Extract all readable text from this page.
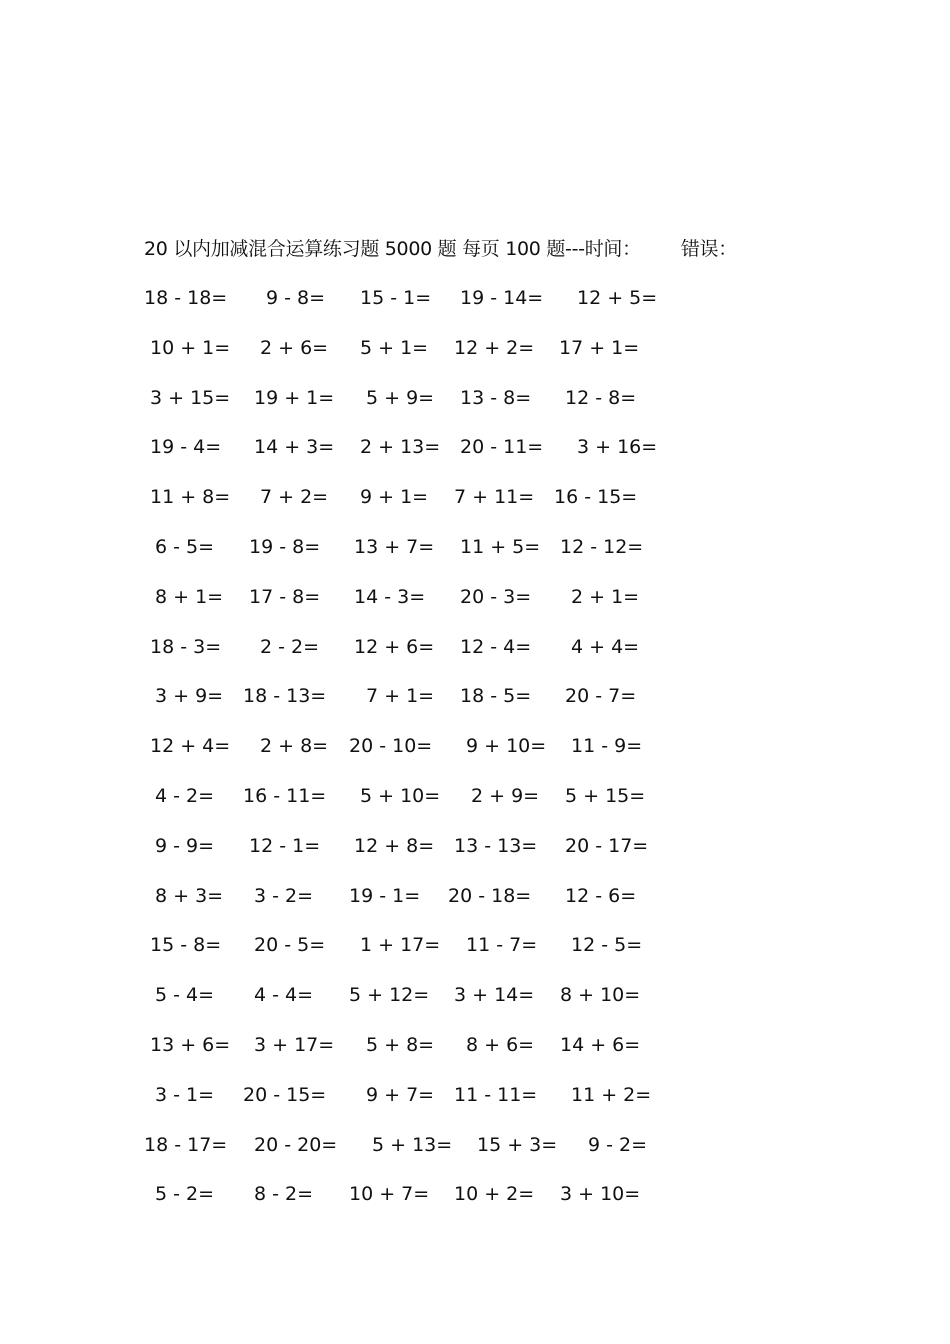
20 以内加减混合运算练习题 5000 题 每页 100 题---时间： 错误：
18 - 18= 9 - 8= 15 - 1= 19 - 14= 12 + 5=
10 + 1= 2 + 6= 5 + 1= 12 + 2= 17 + 1=
3 + 15= 19 + 1= 5 + 9= 13 - 8= 12 - 8=
19 - 4= 14 + 3= 2 + 13= 20 - 11= 3 + 16=
11 + 8= 7 + 2= 9 + 1= 7 + 11= 16 - 15=
6 - 5= 19 - 8= 13 + 7= 11 + 5= 12 - 12=
8 + 1= 17 - 8= 14 - 3= 20 - 3= 2 + 1=
18 - 3= 2 - 2= 12 + 6= 12 - 4= 4 + 4=
3 + 9= 18 - 13= 7 + 1= 18 - 5= 20 - 7=
12 + 4= 2 + 8= 20 - 10= 9 + 10= 11 - 9=
4 - 2= 16 - 11= 5 + 10= 2 + 9= 5 + 15=
9 - 9= 12 - 1= 12 + 8= 13 - 13= 20 - 17=
8 + 3= 3 - 2= 19 - 1= 20 - 18= 12 - 6=
15 - 8= 20 - 5= 1 + 17= 11 - 7= 12 - 5=
5 - 4= 4 - 4= 5 + 12= 3 + 14= 8 + 10=
13 + 6= 3 + 17= 5 + 8= 8 + 6= 14 + 6=
3 - 1= 20 - 15= 9 + 7= 11 - 11= 11 + 2=
18 - 17= 20 - 20= 5 + 13= 15 + 3= 9 - 2=
5 - 2= 8 - 2= 10 + 7= 10 + 2= 3 + 10=
